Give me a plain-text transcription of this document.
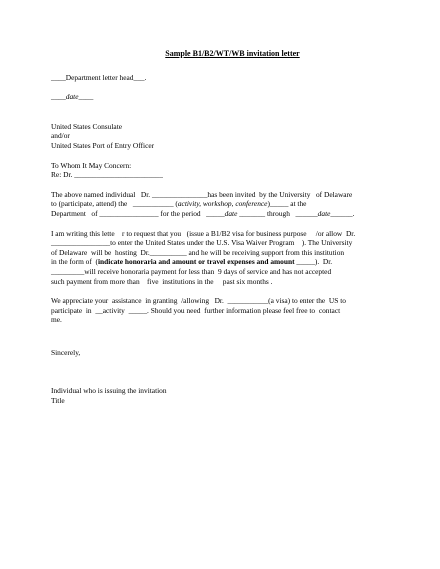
Sample B1/B2/WT/WB invitation letter
____Department letter head___.
____date____
United States Consulate
and/or
United States Port of Entry Officer
To Whom It May Concern:
Re: Dr. ________________________
The above named individual   Dr. _______________has been invited  by the University   of Delaware
to (participate, attend) the   ___________ (activity, workshop, conference)_____ at the
Department   of ________________ for the period   _____date _______ through   ______date______.
I am writing this lette    r to request that you   (issue a B1/B2 visa for business purpose     /or allow  Dr.
________________to enter the United States under the U.S. Visa Waiver Program    ). The University
of Delaware  will be  hosting  Dr.__________ and he will be receiving support from this institution
in the form of  (indicate honoraria and amount or travel expenses and amount _____).  Dr.
_________will receive honoraria payment for less than  9 days of service and has not accepted
such payment from more than    five  institutions in the     past six months .
We appreciate your  assistance  in granting  /allowing   Dr.  ___________(a visa) to enter the  US to
participate  in  __activity  _____. Should you need  further information please feel free to  contact
me.
Sincerely,
Individual who is issuing the invitation
Title
